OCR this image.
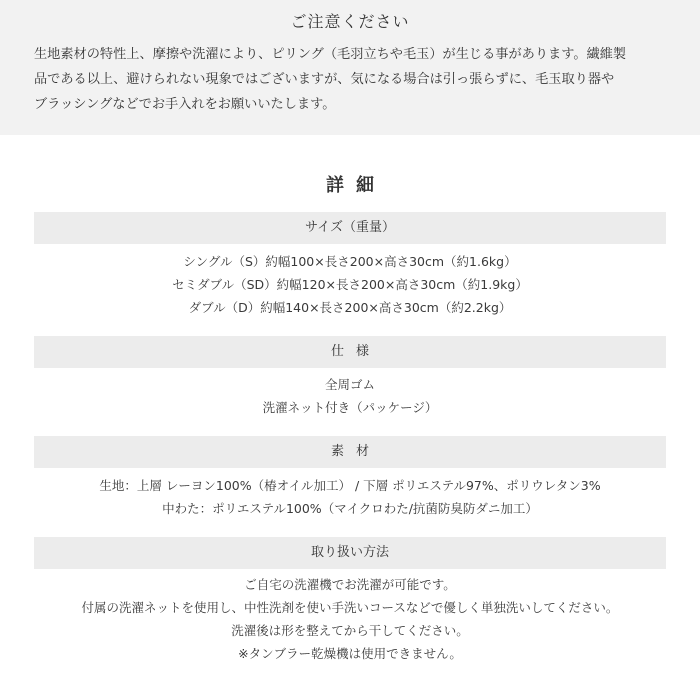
ご注意ください
生地素材の特性上、摩擦や洗濯により、ピリング（毛羽立ちや毛玉）が生じる事があります。繊維製
品である以上、避けられない現象ではございますが、気になる場合は引っ張らずに、毛玉取り器や
ブラッシングなどでお手入れをお願いいたします。
詳細
サイズ（重量）
シングル（S）約幅100×長さ200×高さ30cm（約1.6kg）
セミダブル（SD）約幅120×長さ200×高さ30cm（約1.9kg）
ダブル（D）約幅140×長さ200×高さ30cm（約2.2kg）
仕様
全周ゴム
洗濯ネット付き（パッケージ）
素材
生地：上層 レーヨン100%（椿オイル加工） / 下層 ポリエステル97%、ポリウレタン3%
中わた：ポリエステル100%（マイクロわた/抗菌防臭防ダニ加工）
取り扱い方法
ご自宅の洗濯機でお洗濯が可能です。
付属の洗濯ネットを使用し、中性洗剤を使い手洗いコースなどで優しく単独洗いしてください。
洗濯後は形を整えてから干してください。
※タンブラー乾燥機は使用できません。
